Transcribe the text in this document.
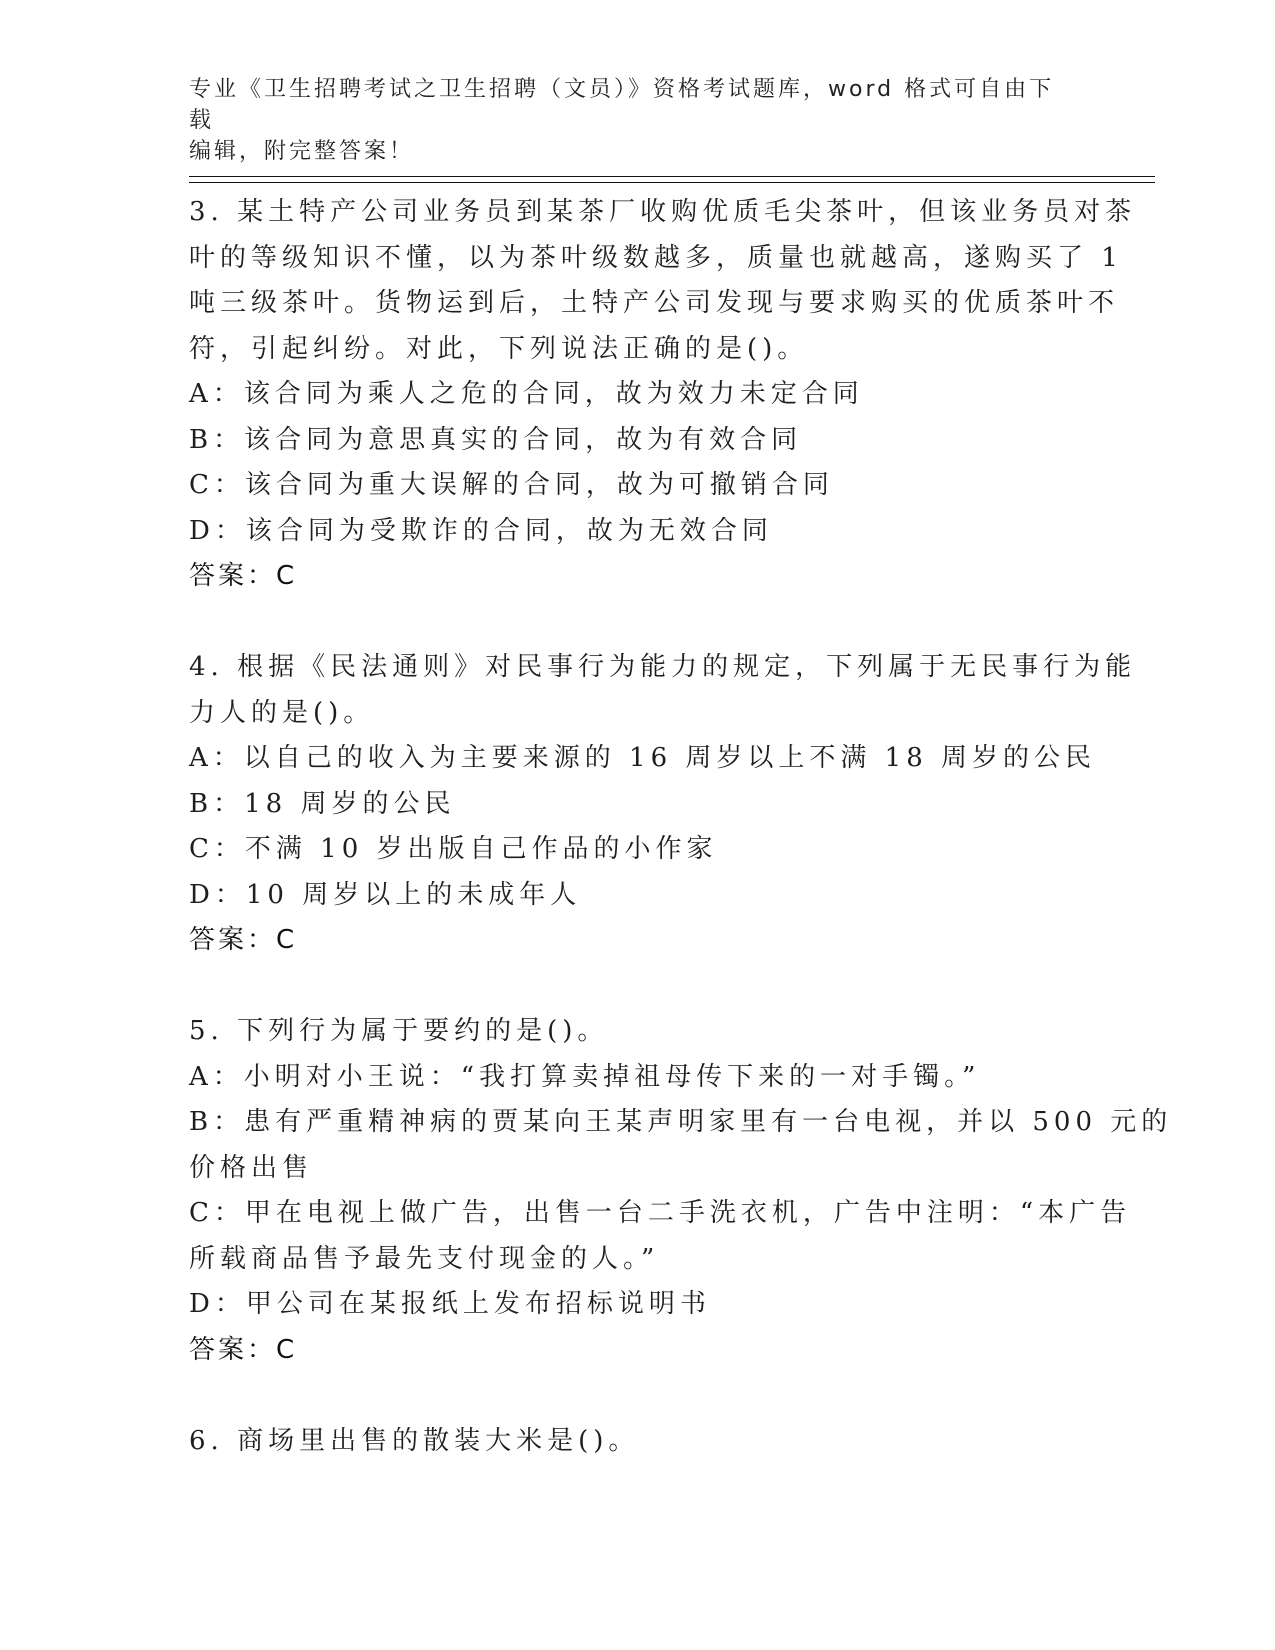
专业《卫生招聘考试之卫生招聘（文员）》资格考试题库，word 格式可自由下载
编辑，附完整答案！
3. 某土特产公司业务员到某茶厂收购优质毛尖茶叶，但该业务员对茶
叶的等级知识不懂，以为茶叶级数越多，质量也就越高，遂购买了 1
吨三级茶叶。货物运到后，土特产公司发现与要求购买的优质茶叶不
符，引起纠纷。对此，下列说法正确的是()。
A：该合同为乘人之危的合同，故为效力未定合同
B：该合同为意思真实的合同，故为有效合同
C：该合同为重大误解的合同，故为可撤销合同
D：该合同为受欺诈的合同，故为无效合同
答案：C
4. 根据《民法通则》对民事行为能力的规定，下列属于无民事行为能
力人的是()。
A：以自己的收入为主要来源的 16 周岁以上不满 18 周岁的公民
B：18 周岁的公民
C：不满 10 岁出版自己作品的小作家
D：10 周岁以上的未成年人
答案：C
5. 下列行为属于要约的是()。
A：小明对小王说：“我打算卖掉祖母传下来的一对手镯。”
B：患有严重精神病的贾某向王某声明家里有一台电视，并以 500 元的
价格出售
C：甲在电视上做广告，出售一台二手洗衣机，广告中注明：“本广告
所载商品售予最先支付现金的人。”
D：甲公司在某报纸上发布招标说明书
答案：C
6. 商场里出售的散装大米是()。
